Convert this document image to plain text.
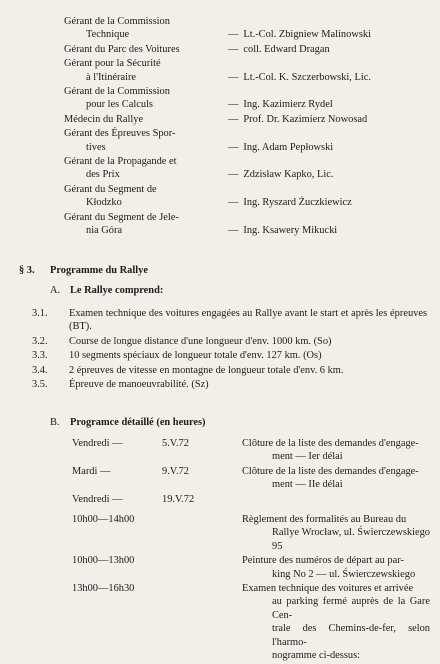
Gérant de la Commission
Technique	— Lt.-Col. Zbigniew Malinowski
Gérant du Parc des Voitures	— coll. Edward Dragan
Gérant pour la Sécurité
à l'Itinéraire	— Lt.-Col. K. Szczerbowski, Lic.
Gérant de la Commission
pour les Calculs	— Ing. Kazimierz Rydel
Médecin du Rallye	— Prof. Dr. Kazimierz Nowosad
Gérant des Épreuves Spor-
tives	— Ing. Adam Pepłowski
Gérant de la Propagande et
des Prix	— Zdzisław Kapko, Lic.
Gérant du Segment de
Kłodzko	— Ing. Ryszard Żuczkiewicz
Gérant du Segment de Jele-
nia Góra	— Ing. Ksawery Mikucki
§ 3. Programme du Rallye
A. Le Rallye comprend:
3.1.	Examen technique des voitures engagées au Rallye avant le start et après les épreuves (BT).
3.2.	Course de longue distance d'une longueur d'env. 1000 km. (So)
3.3.	10 segments spéciaux de longueur totale d'env. 127 km. (Os)
3.4.	2 épreuves de vitesse en montagne de longueur totale d'env. 6 km.
3.5.	Épreuve de manoeuvrabilité. (Sz)
B. Programce détaillé (en heures)
Vendredi —	5.V.72	Clôture de la liste des demandes d'engage-
ment — Ier délai
Mardi —	9.V.72	Clôture de la liste des demandes d'engage-
ment — IIe délai
Vendredi —	19.V.72
10h00—14h00	Règlement des formalités au Bureau du
Rallye Wrocław, ul. Świerczewskiego 95
10h00—13h00	Peinture des numéros de départ au par-
king No 2 — ul. Świerczewskiego
13h00—16h30	Examen technique des voitures et arrivée
au parking fermé auprès de la Gare Cen-
trale des Chemins-de-fer, selon l'harmo-
nogramme ci-dessus:
